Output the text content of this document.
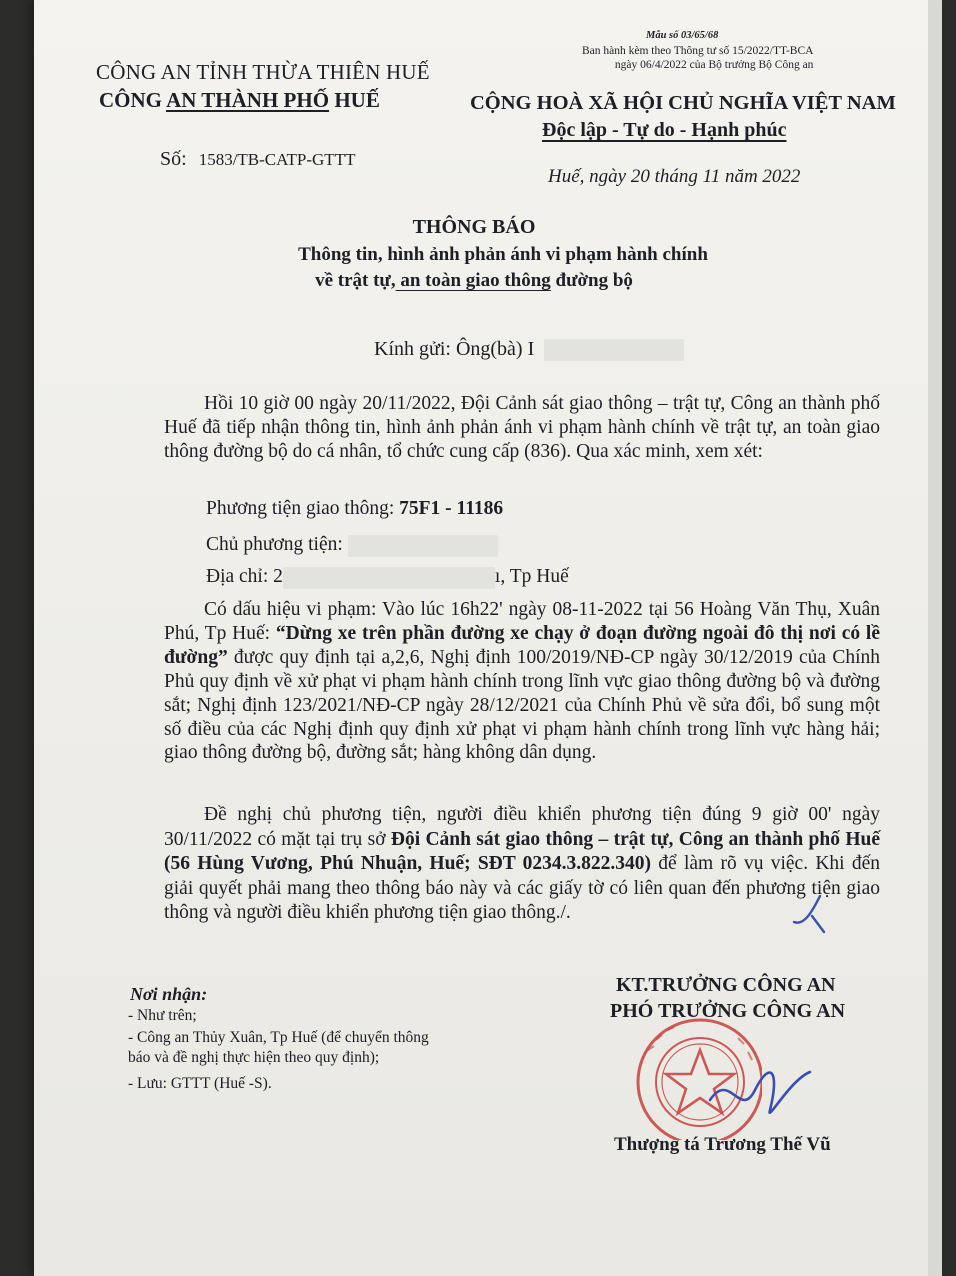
Mẫu số 03/65/68
Ban hành kèm theo Thông tư số 15/2022/TT-BCA
ngày 06/4/2022 của Bộ trưởng Bộ Công an
CÔNG AN TỈNH THỪA THIÊN HUẾ
CÔNG AN THÀNH PHỐ HUẾ	CỘNG HOÀ XÃ HỘI CHỦ NGHĨA VIỆT NAM
Độc lập - Tự do - Hạnh phúc
Số: 1583/TB-CATP-GTTT
Huế, ngày 20 tháng 11 năm 2022
THÔNG BÁO
Thông tin, hình ảnh phản ánh vi phạm hành chính
về trật tự, an toàn giao thông đường bộ
Kính gửi: Ông(bà) I
Hồi 10 giờ 00 ngày 20/11/2022, Đội Cảnh sát giao thông – trật tự, Công an thành phố Huế đã tiếp nhận thông tin, hình ảnh phản ánh vi phạm hành chính về trật tự, an toàn giao thông đường bộ do cá nhân, tổ chức cung cấp (836). Qua xác minh, xem xét:
Phương tiện giao thông: 75F1 - 11186
Chủ phương tiện:
Địa chỉ: 2	ı, Tp Huế
Có dấu hiệu vi phạm: Vào lúc 16h22' ngày 08-11-2022 tại 56 Hoàng Văn Thụ, Xuân Phú, Tp Huế: “Dừng xe trên phần đường xe chạy ở đoạn đường ngoài đô thị nơi có lề đường” được quy định tại a,2,6, Nghị định 100/2019/NĐ-CP ngày 30/12/2019 của Chính Phủ quy định về xử phạt vi phạm hành chính trong lĩnh vực giao thông đường bộ và đường sắt; Nghị định 123/2021/NĐ-CP ngày 28/12/2021 của Chính Phủ về sửa đổi, bổ sung một số điều của các Nghị định quy định xử phạt vi phạm hành chính trong lĩnh vực hàng hải; giao thông đường bộ, đường sắt; hàng không dân dụng.
Đề nghị chủ phương tiện, người điều khiển phương tiện đúng 9 giờ 00' ngày 30/11/2022 có mặt tại trụ sở Đội Cảnh sát giao thông – trật tự, Công an thành phố Huế (56 Hùng Vương, Phú Nhuận, Huế; SĐT 0234.3.822.340) để làm rõ vụ việc. Khi đến giải quyết phải mang theo thông báo này và các giấy tờ có liên quan đến phương tiện giao thông và người điều khiển phương tiện giao thông./.
Nơi nhận:
- Như trên;
- Công an Thủy Xuân, Tp Huế (để chuyển thông
báo và đề nghị thực hiện theo quy định);
- Lưu: GTTT (Huế -S).
KT.TRƯỞNG CÔNG AN
PHÓ TRƯỞNG CÔNG AN
Thượng tá Trương Thế Vũ
